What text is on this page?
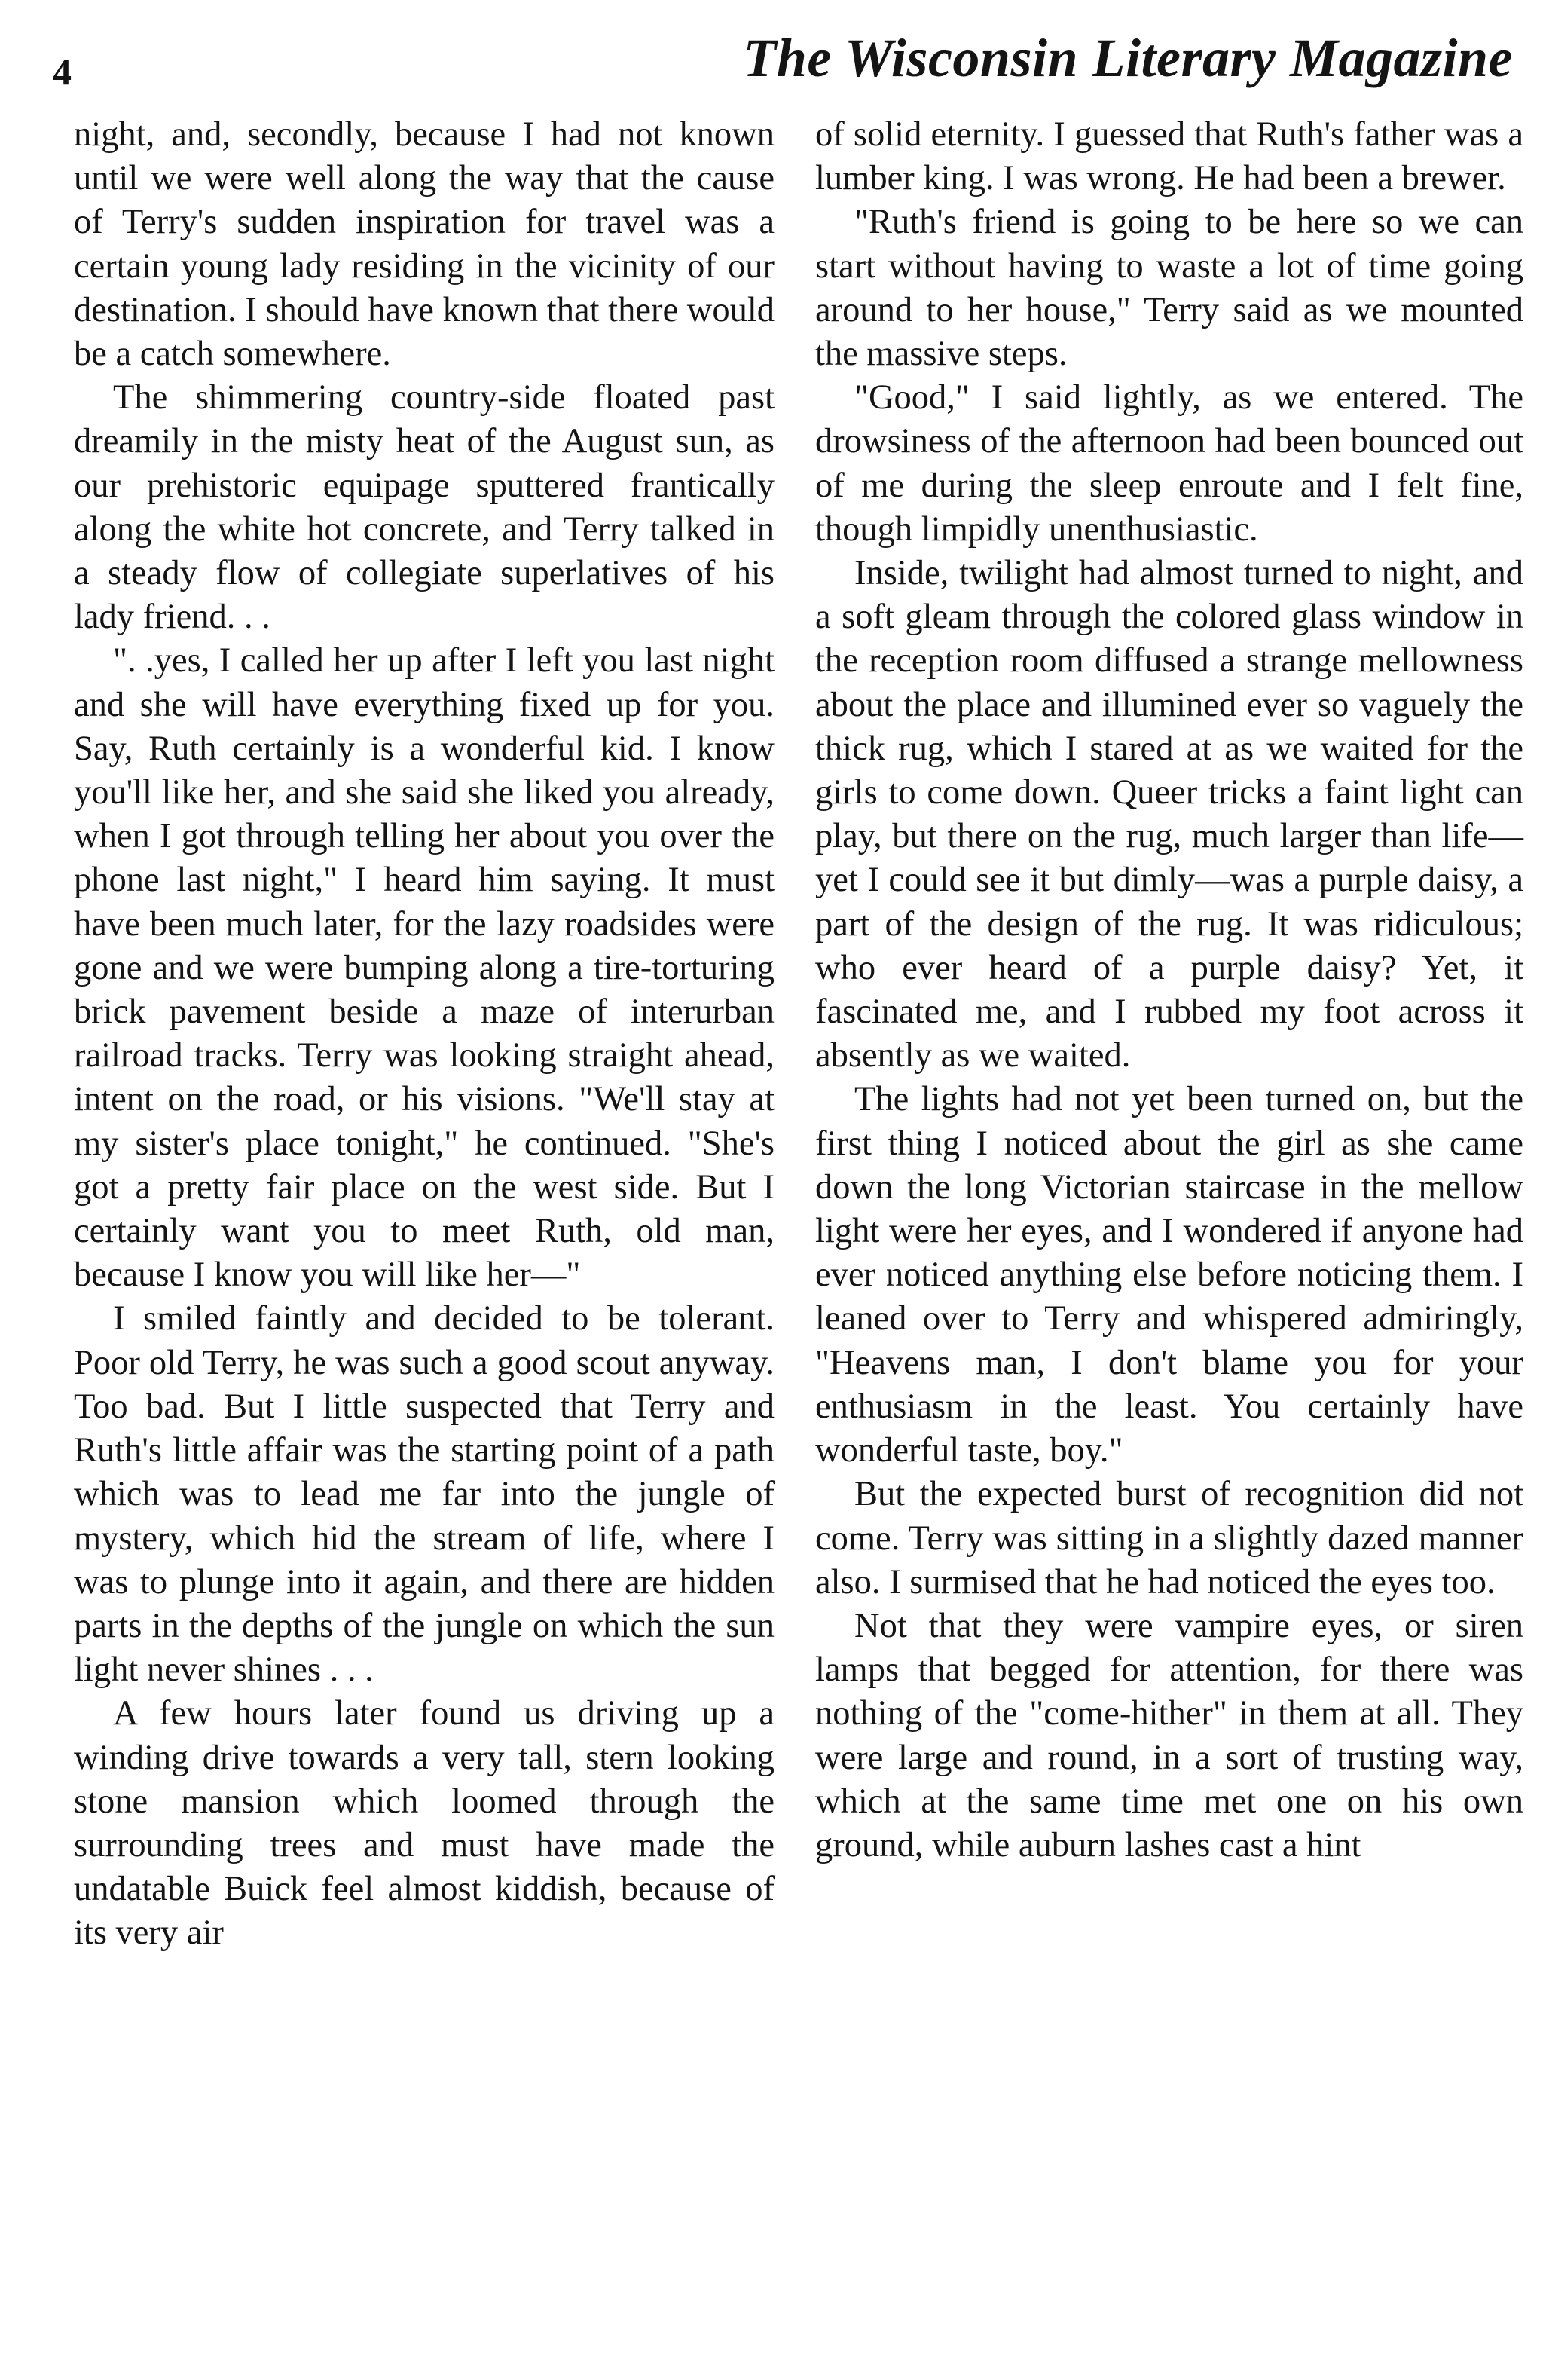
4	The Wisconsin Literary Magazine

night, and, secondly, because I had not known until we were well along the way that the cause of Terry's sudden inspiration for travel was a certain young lady residing in the vicinity of our destination. I should have known that there would be a catch somewhere.

The shimmering country-side floated past dreamily in the misty heat of the August sun, as our prehistoric equipage sputtered frantically along the white hot concrete, and Terry talked in a steady flow of collegiate superlatives of his lady friend. . .

". .yes, I called her up after I left you last night and she will have everything fixed up for you. Say, Ruth certainly is a wonderful kid. I know you'll like her, and she said she liked you already, when I got through telling her about you over the phone last night," I heard him saying. It must have been much later, for the lazy roadsides were gone and we were bumping along a tire-torturing brick pavement beside a maze of interurban railroad tracks. Terry was looking straight ahead, intent on the road, or his visions. "We'll stay at my sister's place tonight," he continued. "She's got a pretty fair place on the west side. But I certainly want you to meet Ruth, old man, because I know you will like her—"

I smiled faintly and decided to be tolerant. Poor old Terry, he was such a good scout anyway. Too bad. But I little suspected that Terry and Ruth's little affair was the starting point of a path which was to lead me far into the jungle of mystery, which hid the stream of life, where I was to plunge into it again, and there are hidden parts in the depths of the jungle on which the sun light never shines . . .

A few hours later found us driving up a winding drive towards a very tall, stern looking stone mansion which loomed through the surrounding trees and must have made the undatable Buick feel almost kiddish, because of its very air

of solid eternity. I guessed that Ruth's father was a lumber king. I was wrong. He had been a brewer.

"Ruth's friend is going to be here so we can start without having to waste a lot of time going around to her house," Terry said as we mounted the massive steps.

"Good," I said lightly, as we entered. The drowsiness of the afternoon had been bounced out of me during the sleep enroute and I felt fine, though limpidly unenthusiastic.

Inside, twilight had almost turned to night, and a soft gleam through the colored glass window in the reception room diffused a strange mellowness about the place and illumined ever so vaguely the thick rug, which I stared at as we waited for the girls to come down. Queer tricks a faint light can play, but there on the rug, much larger than life—yet I could see it but dimly—was a purple daisy, a part of the design of the rug. It was ridiculous; who ever heard of a purple daisy? Yet, it fascinated me, and I rubbed my foot across it absently as we waited.

The lights had not yet been turned on, but the first thing I noticed about the girl as she came down the long Victorian staircase in the mellow light were her eyes, and I wondered if anyone had ever noticed anything else before noticing them. I leaned over to Terry and whispered admiringly, "Heavens man, I don't blame you for your enthusiasm in the least. You certainly have wonderful taste, boy."

But the expected burst of recognition did not come. Terry was sitting in a slightly dazed manner also. I surmised that he had noticed the eyes too.

Not that they were vampire eyes, or siren lamps that begged for attention, for there was nothing of the "come-hither" in them at all. They were large and round, in a sort of trusting way, which at the same time met one on his own ground, while auburn lashes cast a hint
